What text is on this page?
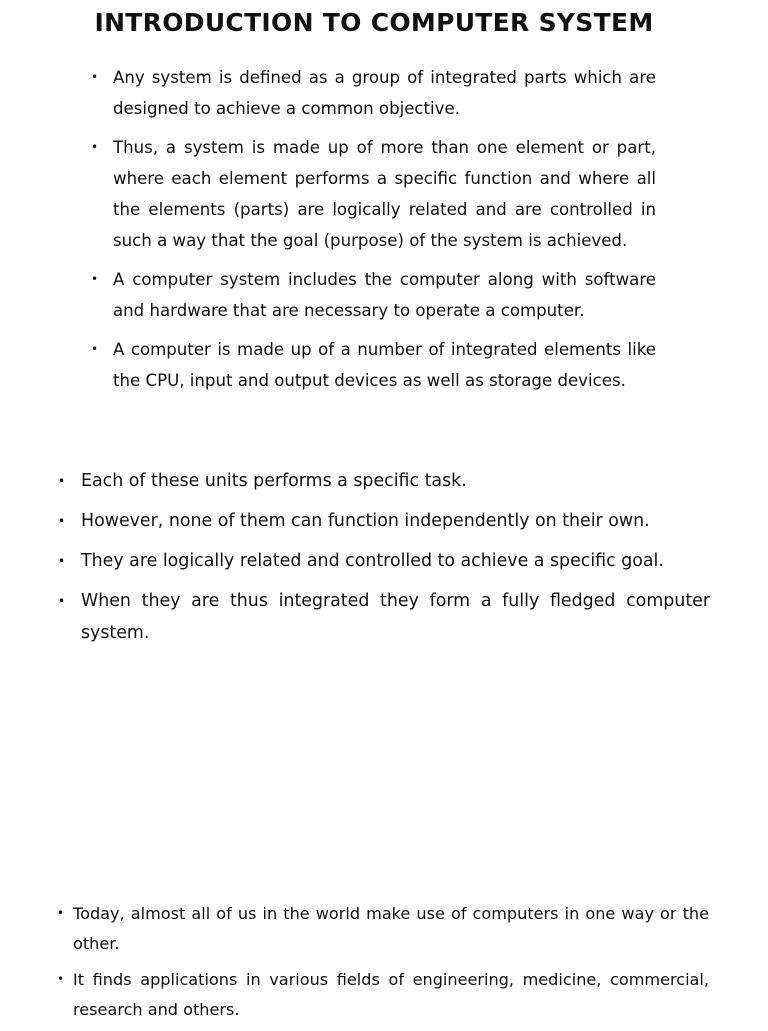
INTRODUCTION TO COMPUTER SYSTEM
• Any system is defined as a group of integrated parts which are designed to achieve a common objective.
• Thus, a system is made up of more than one element or part, where each element performs a specific function and where all the elements (parts) are logically related and are controlled in such a way that the goal (purpose) of the system is achieved.
• A computer system includes the computer along with software and hardware that are necessary to operate a computer.
• A computer is made up of a number of integrated elements like the CPU, input and output devices as well as storage devices.
• Each of these units performs a specific task.
• However, none of them can function independently on their own.
• They are logically related and controlled to achieve a specific goal.
• When they are thus integrated they form a fully fledged computer system.
• Today, almost all of us in the world make use of computers in one way or the other.
• It finds applications in various fields of engineering, medicine, commercial, research and others.
